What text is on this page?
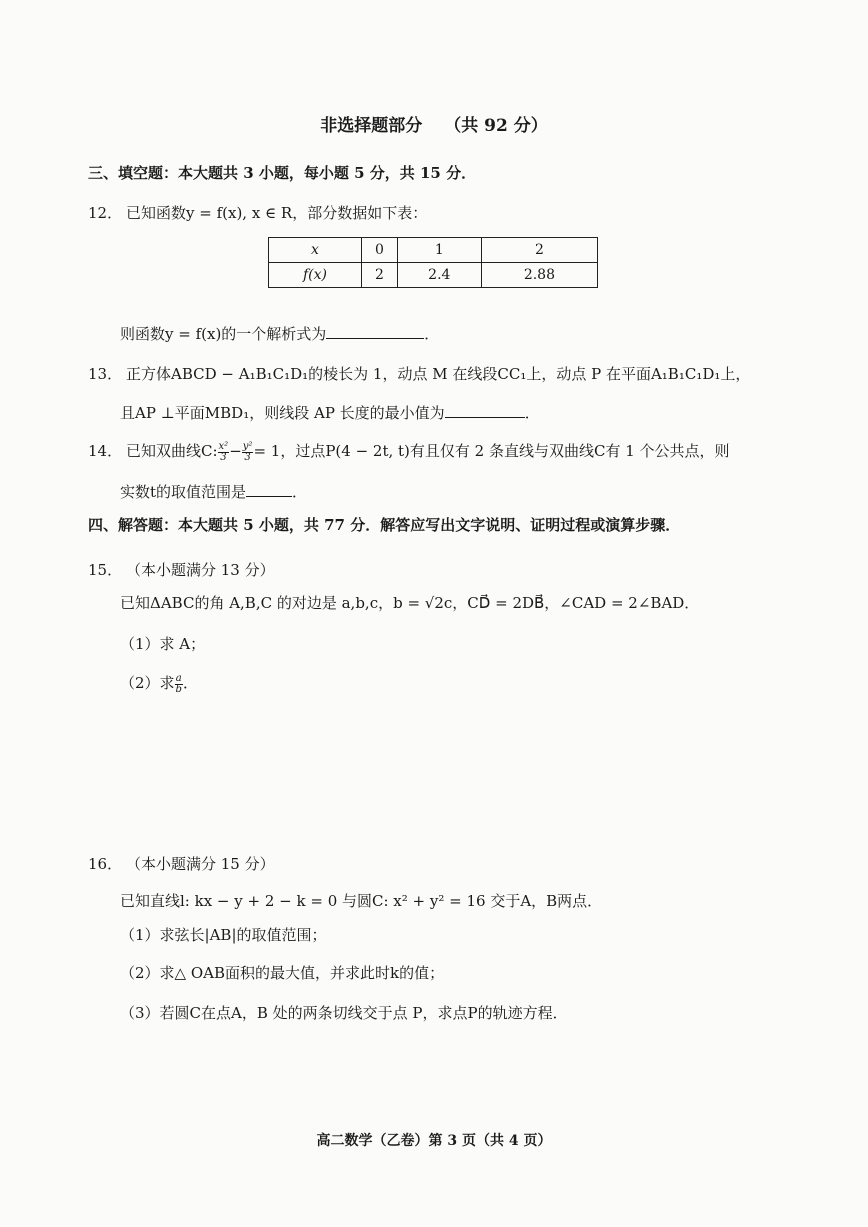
非选择题部分 （共 92 分）
三、填空题：本大题共 3 小题，每小题 5 分，共 15 分．
12． 已知函数y = f(x), x ∈ R，部分数据如下表：
x	0	1	2
f(x)	2	2.4	2.88
则函数y = f(x)的一个解析式为	．
13． 正方体ABCD − A₁B₁C₁D₁的棱长为 1，动点 M 在线段CC₁上，动点 P 在平面A₁B₁C₁D₁上，
且AP ⊥平面MBD₁，则线段 AP 长度的最小值为	．
14． 已知双曲线C: $\frac{\text{x²}}{3} - \frac{\text{y²}}{3} = 1$，过点P(4 − 2t, t)有且仅有 2 条直线与双曲线C有 1 个公共点，则
实数t的取值范围是	．
四、解答题：本大题共 5 小题，共 77 分．解答应写出文字说明、证明过程或演算步骤．
15． （本小题满分 13 分）
已知ΔABC的角 A,B,C 的对边是 a,b,c，b = √2c，CD⃗ = 2DB⃗，∠CAD = 2∠BAD．
（1）求 A；
（2）求 $\frac{a}{b}$ ．
16． （本小题满分 15 分）
已知直线l: kx − y + 2 − k = 0 与圆C: x² + y² = 16 交于A，B两点．
（1）求弦长|AB|的取值范围；
（2）求△ OAB面积的最大值，并求此时k的值；
（3）若圆C在点A，B 处的两条切线交于点 P，求点P的轨迹方程．
高二数学（乙卷）第 3 页（共 4 页）
